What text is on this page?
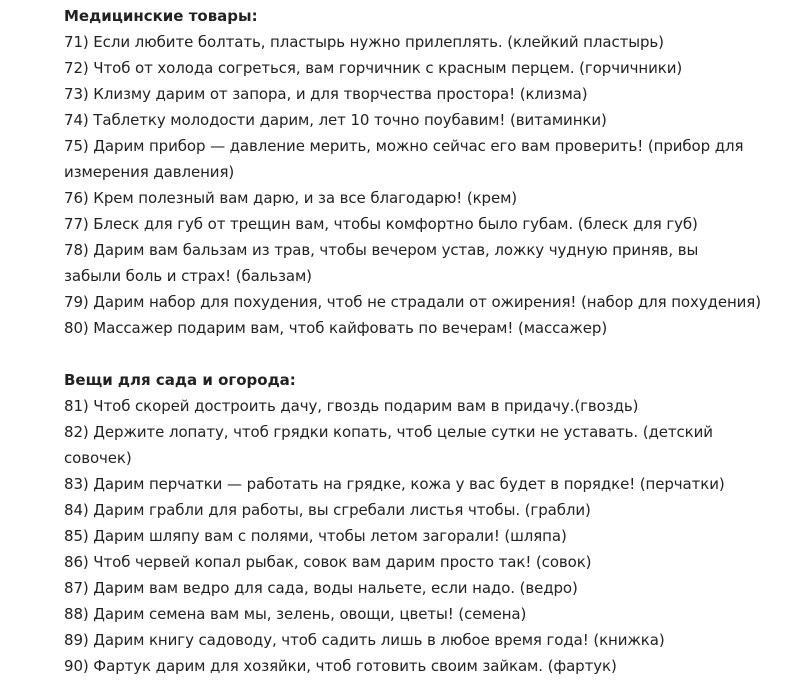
Медицинские товары:
71) Если любите болтать, пластырь нужно прилеплять. (клейкий пластырь)
72) Чтоб от холода согреться, вам горчичник с красным перцем. (горчичники)
73) Клизму дарим от запора, и для творчества простора! (клизма)
74) Таблетку молодости дарим, лет 10 точно поубавим! (витаминки)
75) Дарим прибор — давление мерить, можно сейчас его вам проверить! (прибор для
измерения давления)
76) Крем полезный вам дарю, и за все благодарю! (крем)
77) Блеск для губ от трещин вам, чтобы комфортно было губам. (блеск для губ)
78) Дарим вам бальзам из трав, чтобы вечером устав, ложку чудную приняв, вы
забыли боль и страх! (бальзам)
79) Дарим набор для похудения, чтоб не страдали от ожирения! (набор для похудения)
80) Массажер подарим вам, чтоб кайфовать по вечерам! (массажер)
Вещи для сада и огорода:
81) Чтоб скорей достроить дачу, гвоздь подарим вам в придачу.(гвоздь)
82) Держите лопату, чтоб грядки копать, чтоб целые сутки не уставать. (детский
совочек)
83) Дарим перчатки — работать на грядке, кожа у вас будет в порядке! (перчатки)
84) Дарим грабли для работы, вы сгребали листья чтобы. (грабли)
85) Дарим шляпу вам с полями, чтобы летом загорали! (шляпа)
86) Чтоб червей копал рыбак, совок вам дарим просто так! (совок)
87) Дарим вам ведро для сада, воды нальете, если надо. (ведро)
88) Дарим семена вам мы, зелень, овощи, цветы! (семена)
89) Дарим книгу садоводу, чтоб садить лишь в любое время года! (книжка)
90) Фартук дарим для хозяйки, чтоб готовить своим зайкам. (фартук)
